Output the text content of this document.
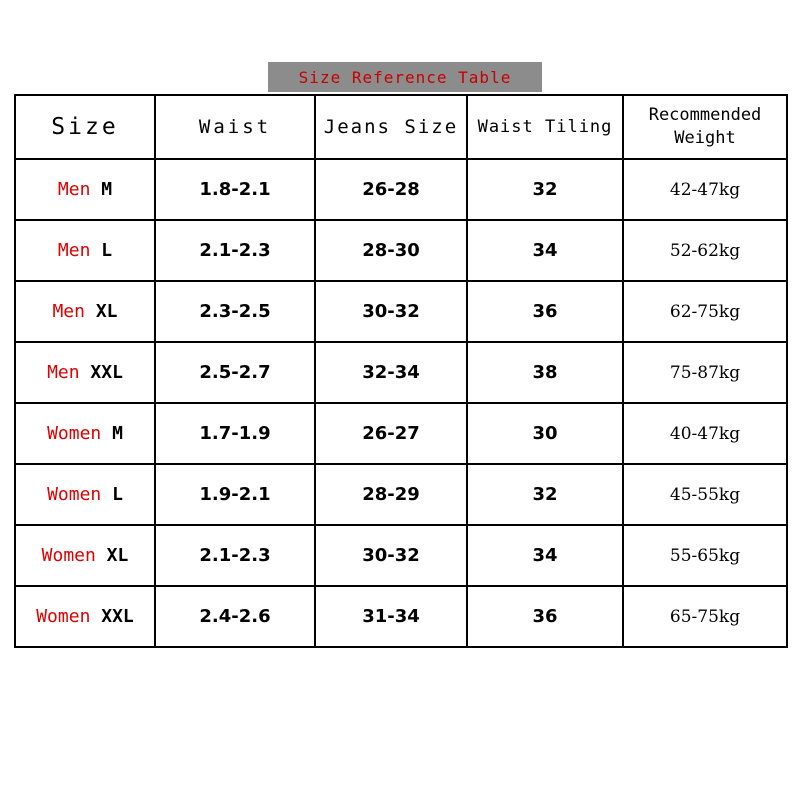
Size Reference Table
Size	Waist	Jeans Size	Waist Tiling	Recommended Weight
Men M	1.8-2.1	26-28	32	42-47kg
Men L	2.1-2.3	28-30	34	52-62kg
Men XL	2.3-2.5	30-32	36	62-75kg
Men XXL	2.5-2.7	32-34	38	75-87kg
Women M	1.7-1.9	26-27	30	40-47kg
Women L	1.9-2.1	28-29	32	45-55kg
Women XL	2.1-2.3	30-32	34	55-65kg
Women XXL	2.4-2.6	31-34	36	65-75kg
